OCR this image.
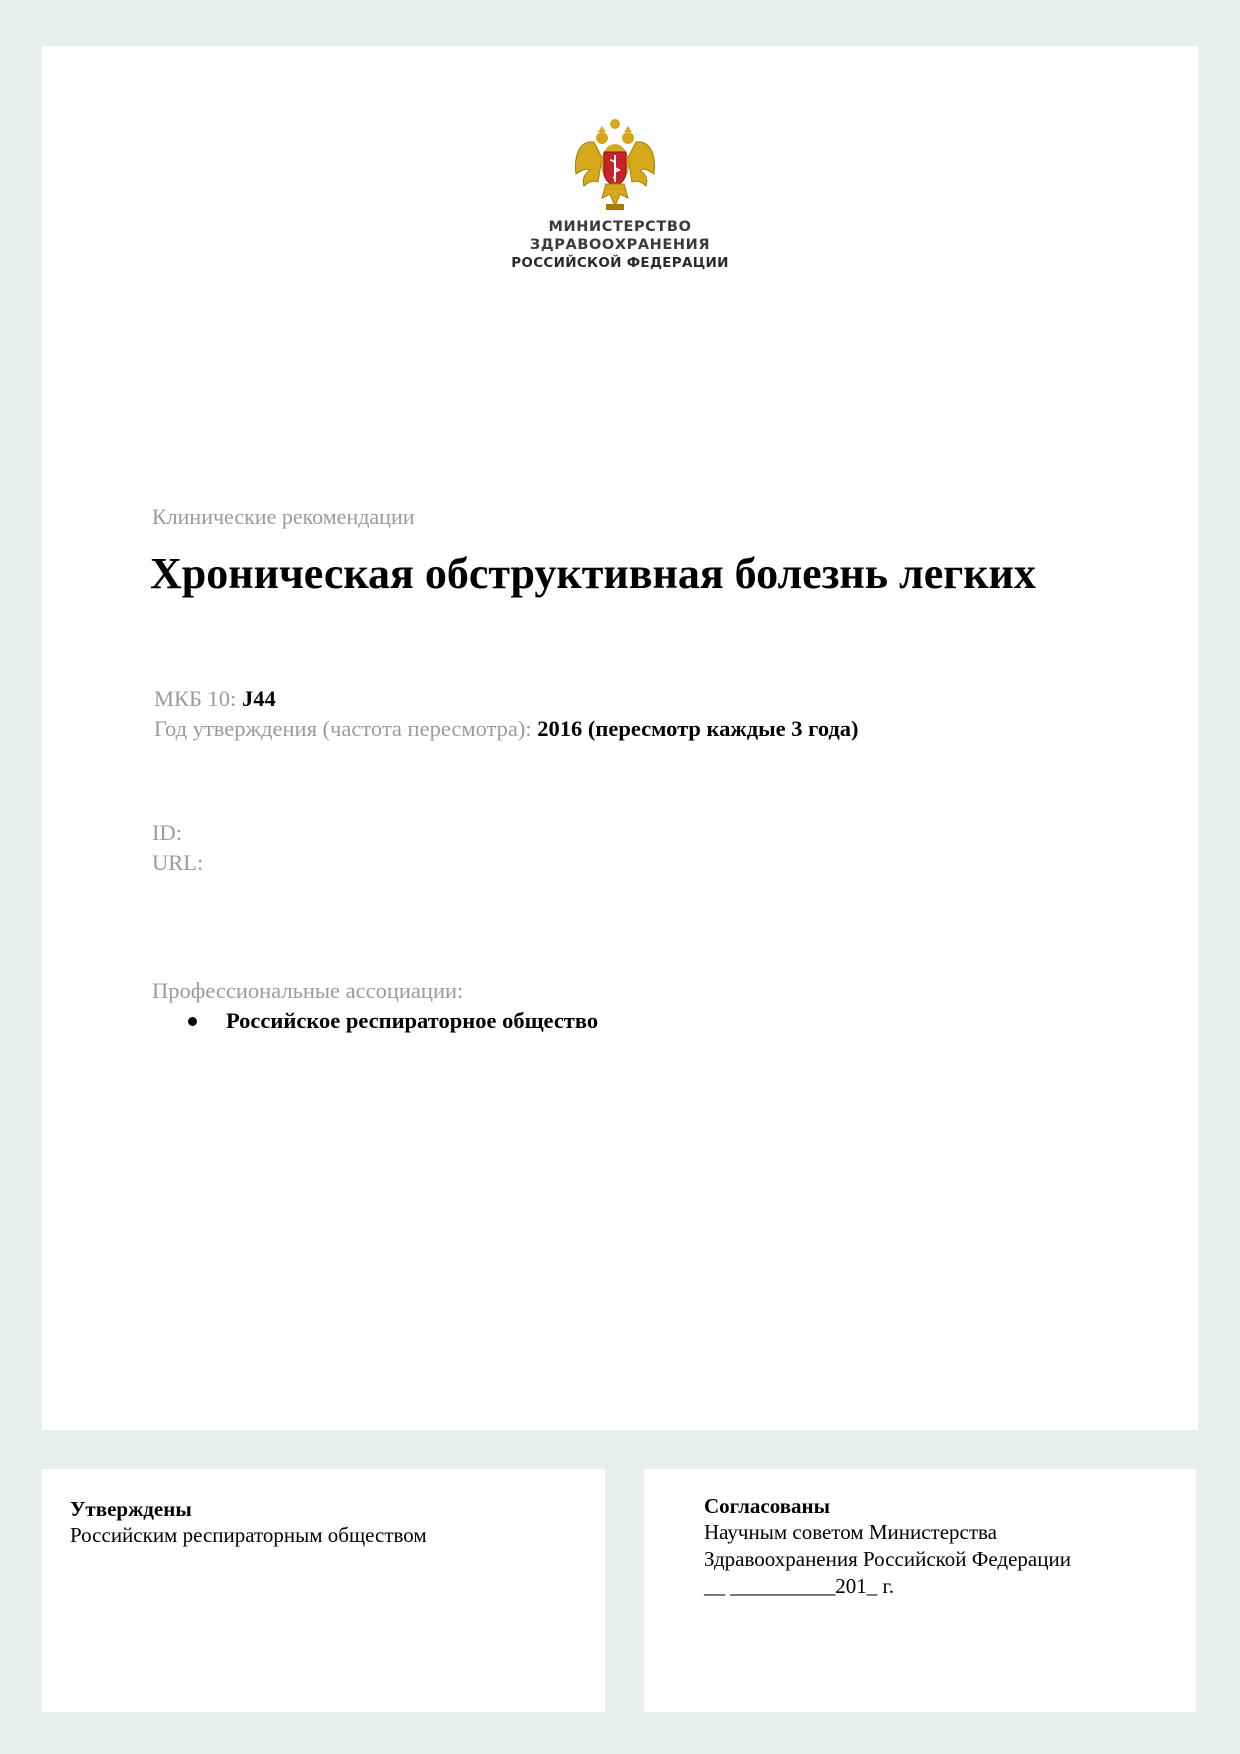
МИНИСТЕРСТВО
ЗДРАВООХРАНЕНИЯ
РОССИЙСКОЙ ФЕДЕРАЦИИ
Клинические рекомендации
Хроническая обструктивная болезнь легких
МКБ 10: J44
Год утверждения (частота пересмотра): 2016 (пересмотр каждые 3 года)
ID:
URL:
Профессиональные ассоциации:
Российское респираторное общество
Утверждены
Российским респираторным обществом
Согласованы
Научным советом Министерства
Здравоохранения Российской Федерации
__ __________201_ г.
